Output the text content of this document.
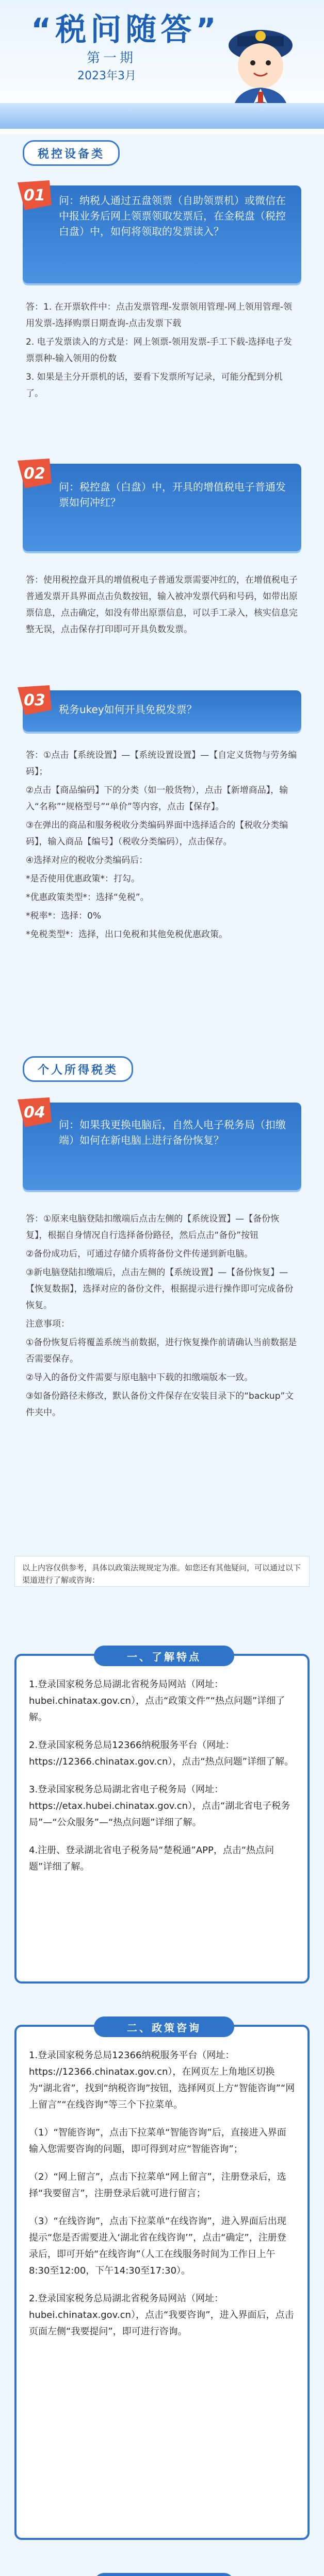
“税问随答”
第一期
2023年3月
税控设备类
01	问：纳税人通过五盘领票（自助领票机）或微信在中报业务后网上领票领取发票后，在金税盘（税控白盘）中，如何将领取的发票读入？

答：1. 在开票软件中：点击发票管理-发票领用管理-网上领用管理-领用发票-选择购票日期查询-点击发票下载

2. 电子发票读入的方式是：网上领票-领用发票-手工下载-选择电子发票票种-输入领用的份数

3. 如果是主分开票机的话，要看下发票所写记录，可能分配到分机了。

02
问：税控盘（白盘）中，开具的增值税电子普通发票如何冲红？

答：使用税控盘开具的增值税电子普通发票需要冲红的，在增值税电子普通发票开具界面点击负数按钮，输入被冲发票代码和号码，如带出原票信息，点击确定，如没有带出原票信息，可以手工录入，核实信息完整无误，点击保存打印即可开具负数发票。

03	税务ukey如何开具免税发票？

答：①点击【系统设置】—【系统设置设置】—【自定义货物与劳务编码】；

②点击【商品编码】下的分类（如一般货物），点击【新增商品】，输入“名称”“规格型号”“单价”等内容，点击【保存】。

③在弹出的商品和服务税收分类编码界面中选择适合的【税收分类编码】，输入商品【编号】（税收分类编码），点击保存。

④选择对应的税收分类编码后：

*是否使用优惠政策*：打勾。

*优惠政策类型*：选择“免税”。

*税率*：选择：0%

*免税类型*：选择，出口免税和其他免税优惠政策。

个人所得税类
04
问：如果我更换电脑后，自然人电子税务局（扣缴端）如何在新电脑上进行备份恢复？

答：①原来电脑登陆扣缴端后点击左侧的【系统设置】—【备份恢复】，根据自身情况自行选择备份路径，然后点击“备份”按钮

②备份成功后，可通过存储介质将备份文件传递到新电脑。

③新电脑登陆扣缴端后，点击左侧的【系统设置】—【备份恢复】—【恢复数据】，选择对应的备份文件，根据提示进行操作即可完成备份恢复。

注意事项：

①备份恢复后将覆盖系统当前数据，进行恢复操作前请确认当前数据是否需要保存。

②导入的备份文件需要与原电脑中下载的扣缴端版本一致。

③如备份路径未修改，默认备份文件保存在安装目录下的“backup”文件夹中。

以上内容仅供参考，具体以政策法规规定为准。如您还有其他疑问，可以通过以下渠道进行了解或咨询：
一、了解特点

1.登录国家税务总局湖北省税务局网站（网址：hubei.chinatax.gov.cn），点击“政策文件”“热点问题”详细了解。

2.登录国家税务总局12366纳税服务平台（网址：https://12366.chinatax.gov.cn），点击“热点问题”详细了解。

3.登录国家税务总局湖北省电子税务局（网址：https://etax.hubei.chinatax.gov.cn），点击“湖北省电子税务局”—“公众服务”—“热点问题”详细了解。

4.注册、登录湖北省电子税务局“楚税通”APP，点击“热点问题”详细了解。

二、政策咨询

1.登录国家税务总局12366纳税服务平台（网址：https://12366.chinatax.gov.cn），在网页左上角地区切换为“湖北省”，找到“纳税咨询”按钮，选择网页上方“智能咨询”“网上留言”“在线咨询”等三个下拉菜单。

（1）“智能咨询”，点击下拉菜单“智能咨询”后，直接进入界面输入您需要咨询的问题，即可得到对应“智能咨询”；

（2）“网上留言”，点击下拉菜单“网上留言”，注册登录后，选择“我要留言”，注册登录后就可进行留言；

（3）“在线咨询”，点击下拉菜单“在线咨询”，进入界面后出现提示“您是否需要进入‘湖北省在线咨询’”，点击“确定”，注册登录后，即可开始“在线咨询”（人工在线服务时间为工作日上午8:30至12:00，下午14:30至17:30）。

2.登录国家税务总局湖北省税务局网站（网址：hubei.chinatax.gov.cn），点击“我要咨询”，进入界面后，点击页面左侧“我要提问”，即可进行咨询。
